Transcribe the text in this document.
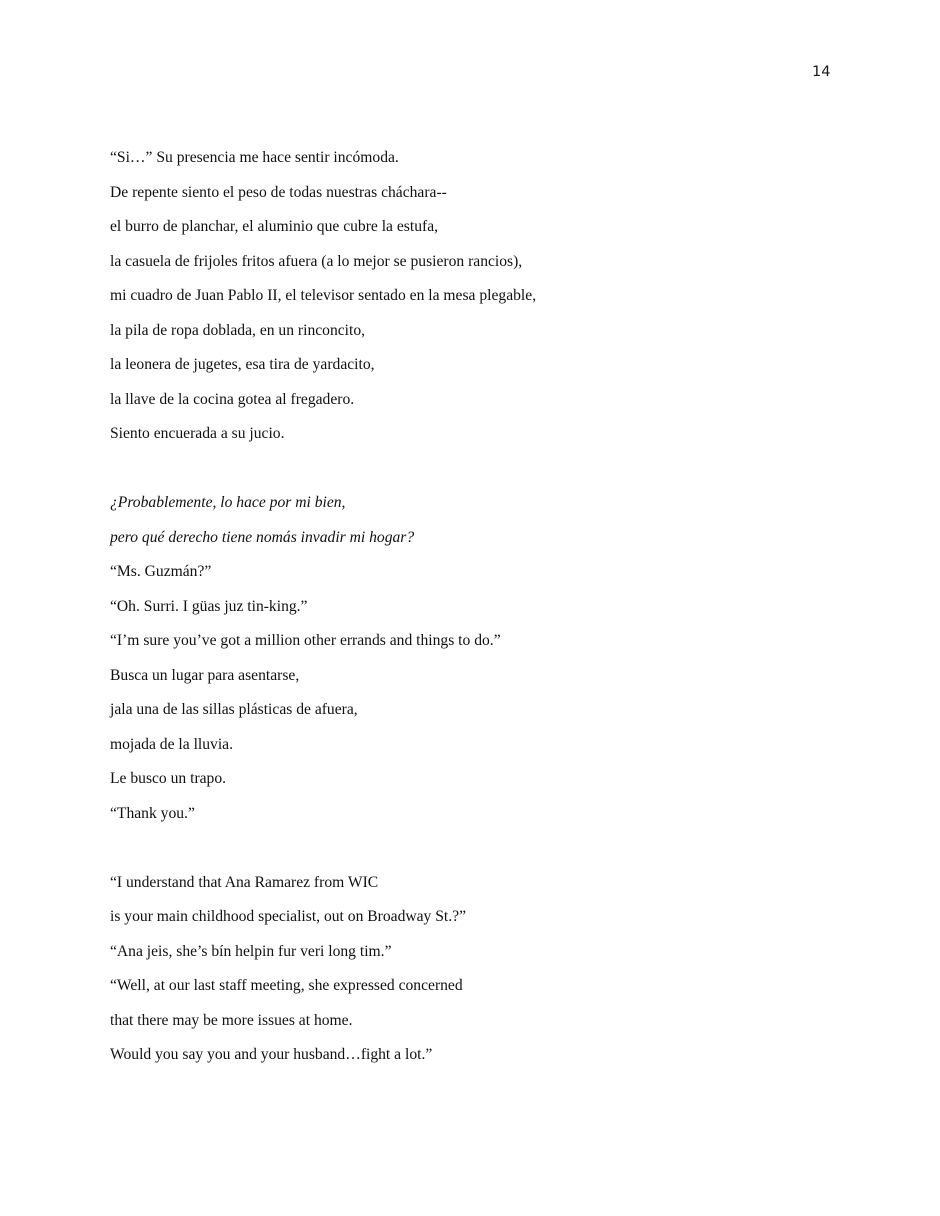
14
“Si…” Su presencia me hace sentir incómoda.
De repente siento el peso de todas nuestras cháchara--
el burro de planchar, el aluminio que cubre la estufa,
la casuela de frijoles fritos afuera (a lo mejor se pusieron rancios),
mi cuadro de Juan Pablo II, el televisor sentado en la mesa plegable,
la pila de ropa doblada, en un rinconcito,
la leonera de jugetes, esa tira de yardacito,
la llave de la cocina gotea al fregadero.
Siento encuerada a su jucio.
¿Probablemente, lo hace por mi bien,
pero qué derecho tiene nomás invadir mi hogar?
“Ms. Guzmán?”
“Oh. Surri. I güas juz tin-king.”
“I’m sure you’ve got a million other errands and things to do.”
Busca un lugar para asentarse,
jala una de las sillas plásticas de afuera,
mojada de la lluvia.
Le busco un trapo.
“Thank you.”
“I understand that Ana Ramarez from WIC
is your main childhood specialist, out on Broadway St.?”
“Ana jeis, she’s bín helpin fur veri long tim.”
“Well, at our last staff meeting, she expressed concerned
that there may be more issues at home.
Would you say you and your husband…fight a lot.”
